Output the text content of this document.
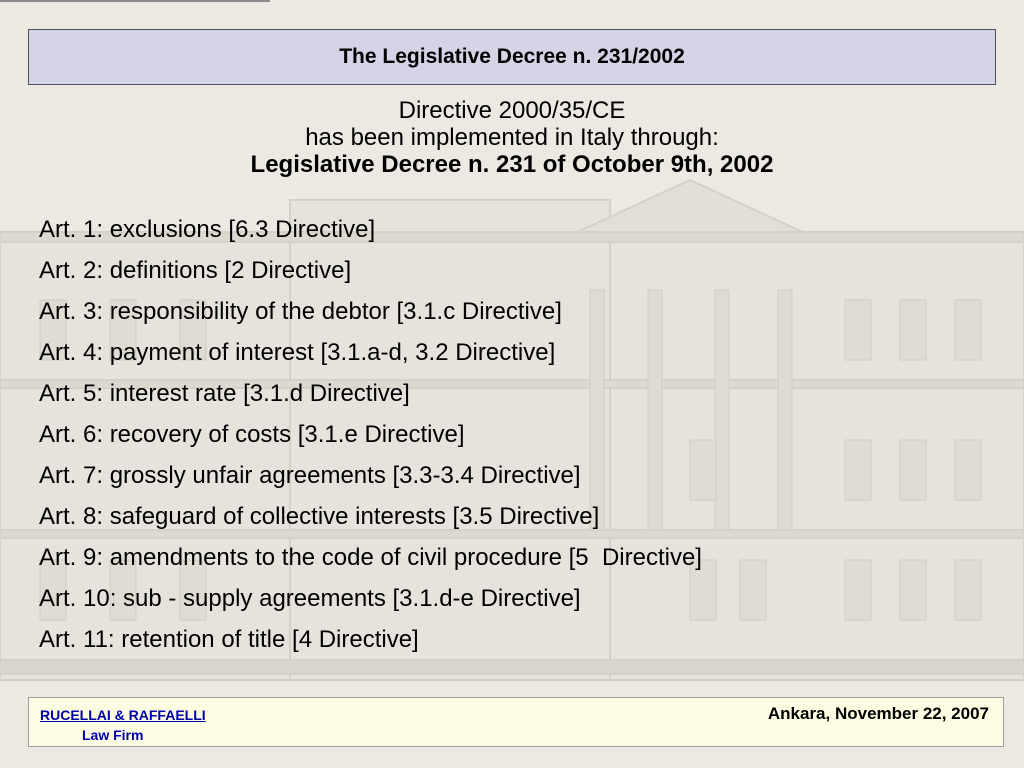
The Legislative Decree n. 231/2002
Directive 2000/35/CE
has been implemented in Italy through:
Legislative Decree n. 231 of October 9th, 2002
Art. 1: exclusions [6.3 Directive]
Art. 2: definitions [2 Directive]
Art. 3: responsibility of the debtor [3.1.c Directive]
Art. 4: payment of interest [3.1.a-d, 3.2 Directive]
Art. 5: interest rate [3.1.d Directive]
Art. 6: recovery of costs [3.1.e Directive]
Art. 7: grossly unfair agreements [3.3-3.4 Directive]
Art. 8: safeguard of collective interests [3.5 Directive]
Art. 9: amendments to the code of civil procedure [5  Directive]
Art. 10: sub - supply agreements [3.1.d-e Directive]
Art. 11: retention of title [4 Directive]
RUCELLAI & RAFFAELLI
Law Firm
Ankara, November 22, 2007
